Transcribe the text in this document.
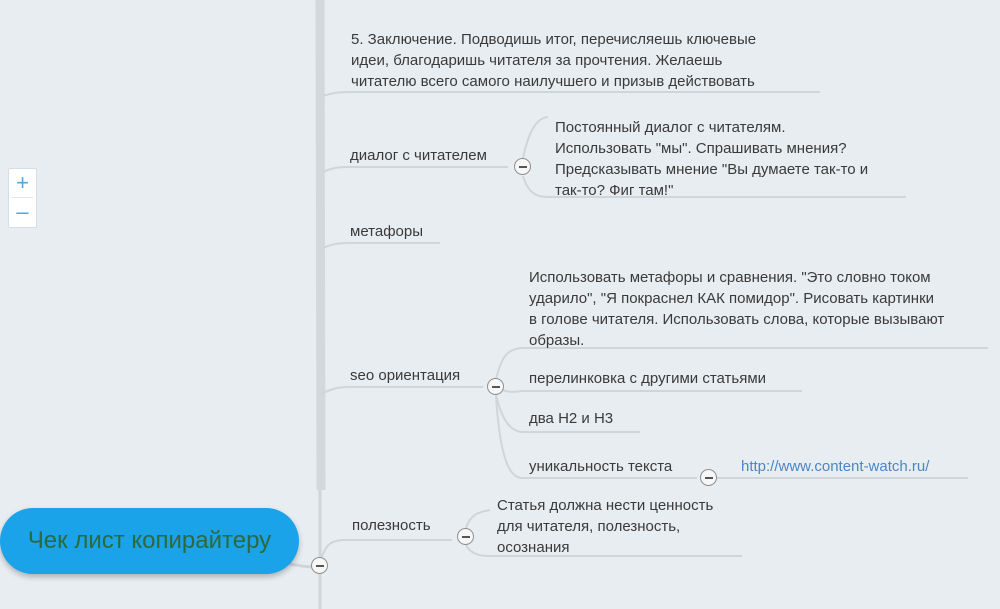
+
–
5. Заключение. Подводишь итог, перечисляешь ключевые
идеи, благодаришь читателя за прочтения. Желаешь
читателю всего самого наилучшего и призыв действовать
диалог с читателем
Постоянный диалог с читателям.
Использовать "мы". Спрашивать мнения?
Предсказывать мнение "Вы думаете так-то и
так-то? Фиг там!"
метафоры
seo ориентация
Использовать метафоры и сравнения. "Это словно током
ударило", "Я покраснел КАК помидор". Рисовать картинки
в голове читателя. Использовать слова, которые вызывают
образы.
перелинковка с другими статьями
два H2 и H3
уникальность текста	http://www.content-watch.ru/
полезность
Статья должна нести ценность
для читателя, полезность,
осознания
Чек лист копирайтеру
